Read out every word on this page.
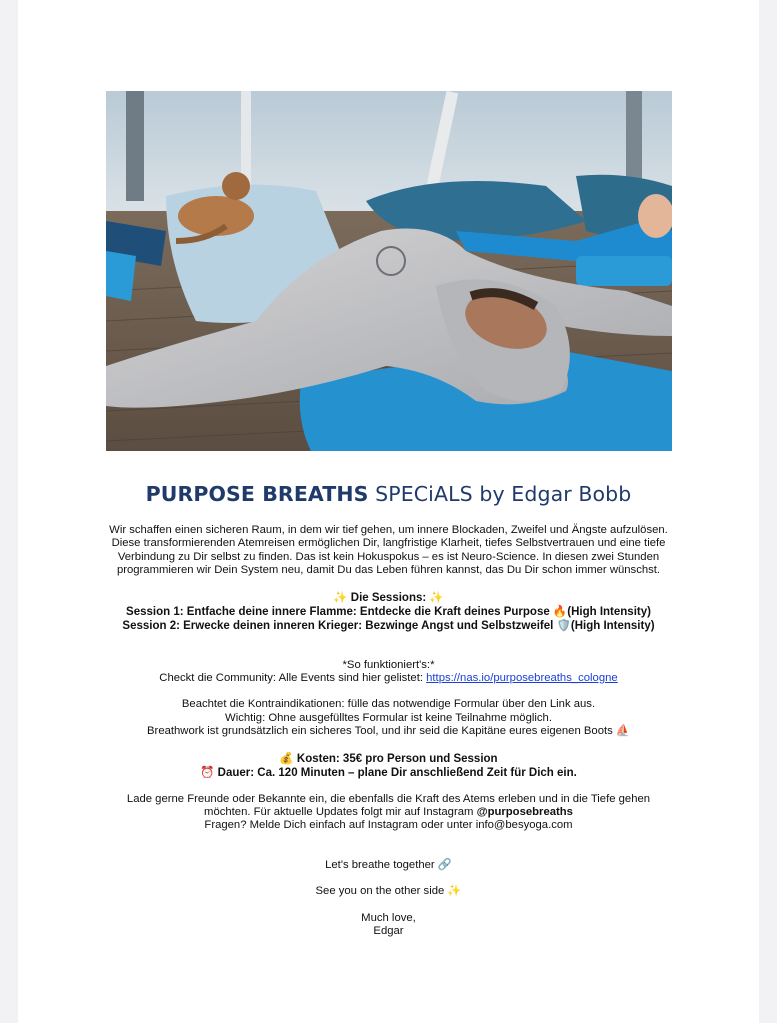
PURPOSE BREATHS SPECiALS by Edgar Bobb
Wir schaffen einen sicheren Raum, in dem wir tief gehen, um innere Blockaden, Zweifel und Ängste aufzulösen.
Diese transformierenden Atemreisen ermöglichen Dir, langfristige Klarheit, tiefes Selbstvertrauen und eine tiefe
Verbindung zu Dir selbst zu finden. Das ist kein Hokuspokus – es ist Neuro-Science. In diesen zwei Stunden
programmieren wir Dein System neu, damit Du das Leben führen kannst, das Du Dir schon immer wünschst.
✨ Die Sessions: ✨
Session 1: Entfache deine innere Flamme: Entdecke die Kraft deines Purpose 🔥(High Intensity)
Session 2: Erwecke deinen inneren Krieger: Bezwinge Angst und Selbstzweifel 🛡️(High Intensity)
*So funktioniert's:*
Checkt die Community: Alle Events sind hier gelistet: https://nas.io/purposebreaths_cologne
Beachtet die Kontraindikationen: fülle das notwendige Formular über den Link aus.
Wichtig: Ohne ausgefülltes Formular ist keine Teilnahme möglich.
Breathwork ist grundsätzlich ein sicheres Tool, und ihr seid die Kapitäne eures eigenen Boots ⛵
💰 Kosten: 35€ pro Person und Session
⏰ Dauer: Ca. 120 Minuten – plane Dir anschließend Zeit für Dich ein.
Lade gerne Freunde oder Bekannte ein, die ebenfalls die Kraft des Atems erleben und in die Tiefe gehen
möchten. Für aktuelle Updates folgt mir auf Instagram @purposebreaths
Fragen? Melde Dich einfach auf Instagram oder unter info@besyoga.com
Let's breathe together 🔗
See you on the other side ✨
Much love,
Edgar
